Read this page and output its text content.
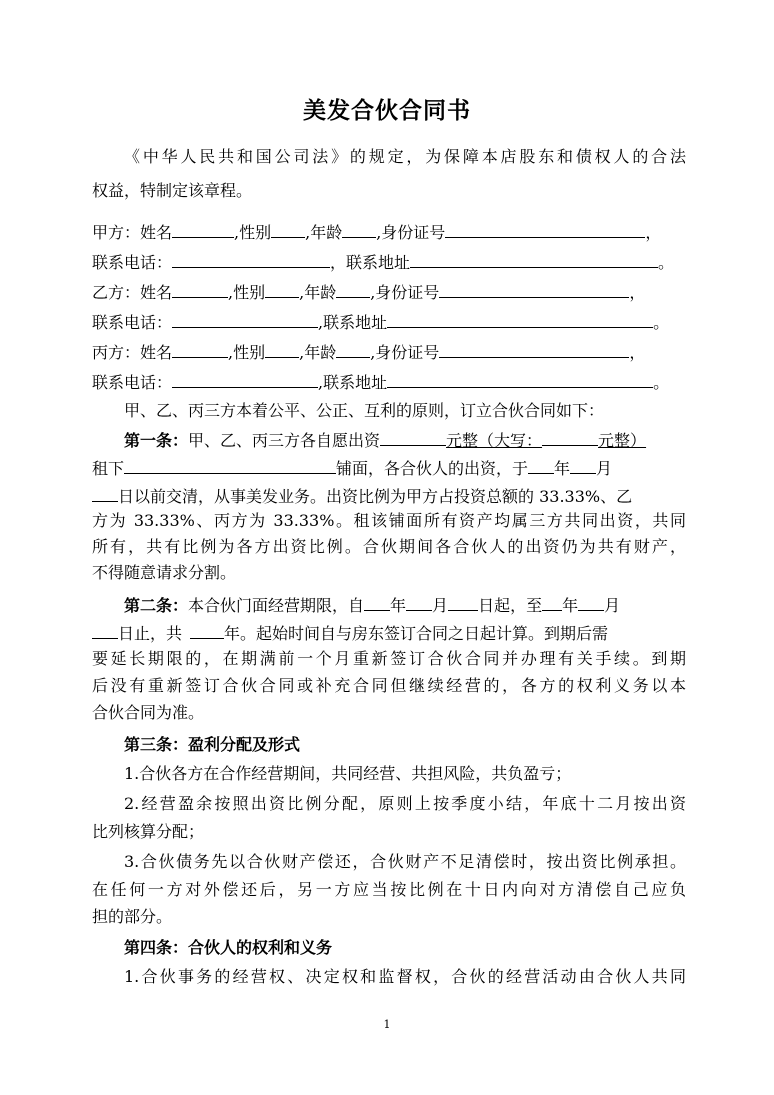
美发合伙合同书
《中华人民共和国公司法》的规定，为保障本店股东和债权人的合法
权益，特制定该章程。
甲方：姓名	,性别 ,年龄 ,身份证号	，
联系电话：	，联系地址	。
乙方：姓名	,性别 ,年龄 ,身份证号	，
联系电话：	,联系地址	。
丙方：姓名	,性别 ,年龄 ,身份证号	，
联系电话：	,联系地址	。
甲、乙、丙三方本着公平、公正、互利的原则，订立合伙合同如下：
第一条：甲、乙、丙三方各自愿出资	元整（大写：	元整）
租下	铺面，各合伙人的出资，于 年 月
日以前交清，从事美发业务。出资比例为甲方占投资总额的 33.33%、乙
方为 33.33%、丙方为 33.33%。租该铺面所有资产均属三方共同出资，共同
所有，共有比例为各方出资比例。合伙期间各合伙人的出资仍为共有财产，
不得随意请求分割。
第二条：本合伙门面经营期限，自 年 月 日起，至 年 月
日止，共	年。起始时间自与房东签订合同之日起计算。到期后需
要延长期限的，在期满前一个月重新签订合伙合同并办理有关手续。到期
后没有重新签订合伙合同或补充合同但继续经营的，各方的权利义务以本
合伙合同为准。
第三条：盈利分配及形式
1.合伙各方在合作经营期间，共同经营、共担风险，共负盈亏；
2.经营盈余按照出资比例分配，原则上按季度小结，年底十二月按出资
比列核算分配；
3.合伙债务先以合伙财产偿还，合伙财产不足清偿时，按出资比例承担。
在任何一方对外偿还后，另一方应当按比例在十日内向对方清偿自己应负
担的部分。
第四条：合伙人的权利和义务
1.合伙事务的经营权、决定权和监督权，合伙的经营活动由合伙人共同
1
